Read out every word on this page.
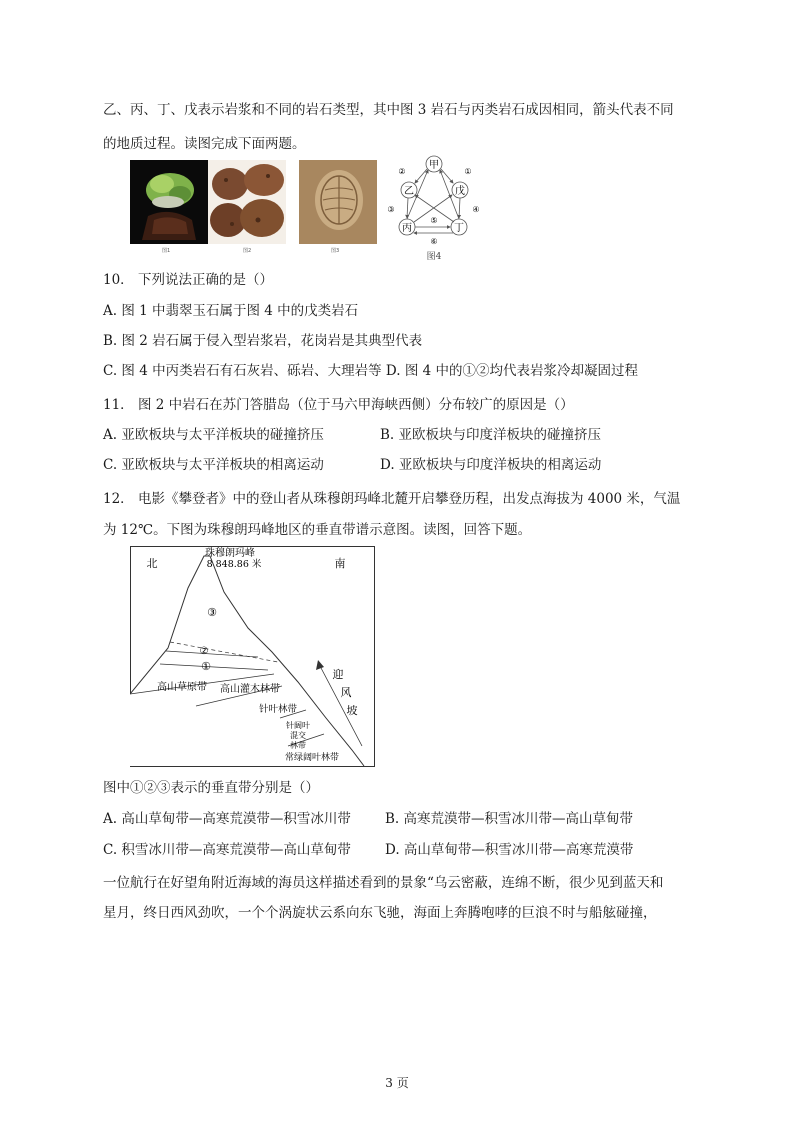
乙、丙、丁、戊表示岩浆和不同的岩石类型，其中图 3 岩石与丙类岩石成因相同，箭头代表不同
的地质过程。读图完成下面两题。
图1	图2	图3
甲
乙	戊
丙	丁
②	①
③	④
⑤
⑥
图4
10． 下列说法正确的是（）
A. 图 1 中翡翠玉石属于图 4 中的戊类岩石
B. 图 2 岩石属于侵入型岩浆岩，花岗岩是其典型代表
C. 图 4 中丙类岩石有石灰岩、砾岩、大理岩等 D. 图 4 中的①②均代表岩浆冷却凝固过程
11． 图 2 中岩石在苏门答腊岛（位于马六甲海峡西侧）分布较广的原因是（）
A. 亚欧板块与太平洋板块的碰撞挤压	B. 亚欧板块与印度洋板块的碰撞挤压
C. 亚欧板块与太平洋板块的相离运动	D. 亚欧板块与印度洋板块的相离运动
12． 电影《攀登者》中的登山者从珠穆朗玛峰北麓开启攀登历程，出发点海拔为 4000 米，气温
为 12℃。下图为珠穆朗玛峰地区的垂直带谱示意图。读图，回答下题。
北	南
珠穆朗玛峰
8 848.86 米
③
②
①
高山草原带 高山灌木林带
针叶林带
针阔叶
混交
林带
常绿阔叶林带
迎
风
坡
图中①②③表示的垂直带分别是（）
A. 高山草甸带—高寒荒漠带—积雪冰川带	B. 高寒荒漠带—积雪冰川带—高山草甸带
C. 积雪冰川带—高寒荒漠带—高山草甸带	D. 高山草甸带—积雪冰川带—高寒荒漠带
一位航行在好望角附近海域的海员这样描述看到的景象“乌云密蔽，连绵不断，很少见到蓝天和
星月，终日西风劲吹，一个个涡旋状云系向东飞驰，海面上奔腾咆哮的巨浪不时与船舷碰撞，
3 页
